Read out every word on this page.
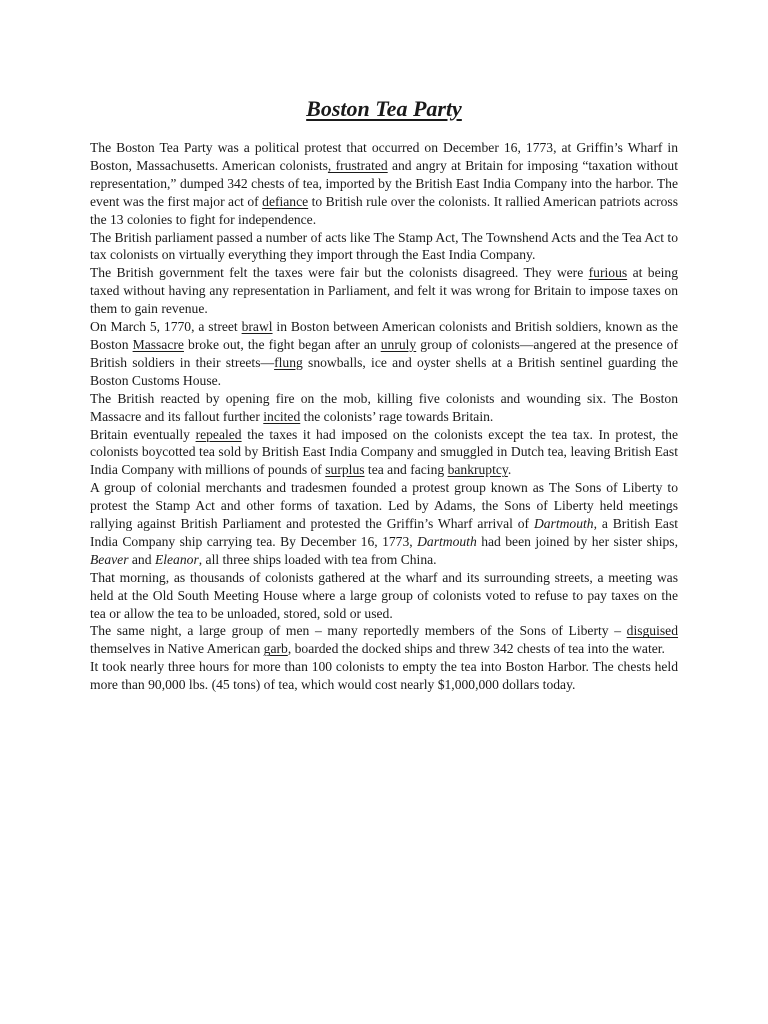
Boston Tea Party

The Boston Tea Party was a political protest that occurred on December 16, 1773, at Griffin’s Wharf in Boston, Massachusetts. American colonists, frustrated and angry at Britain for imposing “taxation without representation,” dumped 342 chests of tea, imported by the British East India Company into the harbor. The event was the first major act of defiance to British rule over the colonists. It rallied American patriots across the 13 colonies to fight for independence.

The British parliament passed a number of acts like The Stamp Act, The Townshend Acts and the Tea Act to tax colonists on virtually everything they import through the East India Company.

The British government felt the taxes were fair but the colonists disagreed. They were furious at being taxed without having any representation in Parliament, and felt it was wrong for Britain to impose taxes on them to gain revenue.

On March 5, 1770, a street brawl in Boston between American colonists and British soldiers, known as the Boston Massacre broke out, the fight began after an unruly group of colonists—angered at the presence of British soldiers in their streets—flung snowballs, ice and oyster shells at a British sentinel guarding the Boston Customs House.

The British reacted by opening fire on the mob, killing five colonists and wounding six. The Boston Massacre and its fallout further incited the colonists’ rage towards Britain.

Britain eventually repealed the taxes it had imposed on the colonists except the tea tax. In protest, the colonists boycotted tea sold by British East India Company and smuggled in Dutch tea, leaving British East India Company with millions of pounds of surplus tea and facing bankruptcy.

A group of colonial merchants and tradesmen founded a protest group known as The Sons of Liberty to protest the Stamp Act and other forms of taxation. Led by Adams, the Sons of Liberty held meetings rallying against British Parliament and protested the Griffin’s Wharf arrival of Dartmouth, a British East India Company ship carrying tea. By December 16, 1773, Dartmouth had been joined by her sister ships, Beaver and Eleanor, all three ships loaded with tea from China.

That morning, as thousands of colonists gathered at the wharf and its surrounding streets, a meeting was held at the Old South Meeting House where a large group of colonists voted to refuse to pay taxes on the tea or allow the tea to be unloaded, stored, sold or used.

The same night, a large group of men – many reportedly members of the Sons of Liberty – disguised themselves in Native American garb, boarded the docked ships and threw 342 chests of tea into the water.

It took nearly three hours for more than 100 colonists to empty the tea into Boston Harbor. The chests held more than 90,000 lbs. (45 tons) of tea, which would cost nearly $1,000,000 dollars today.
